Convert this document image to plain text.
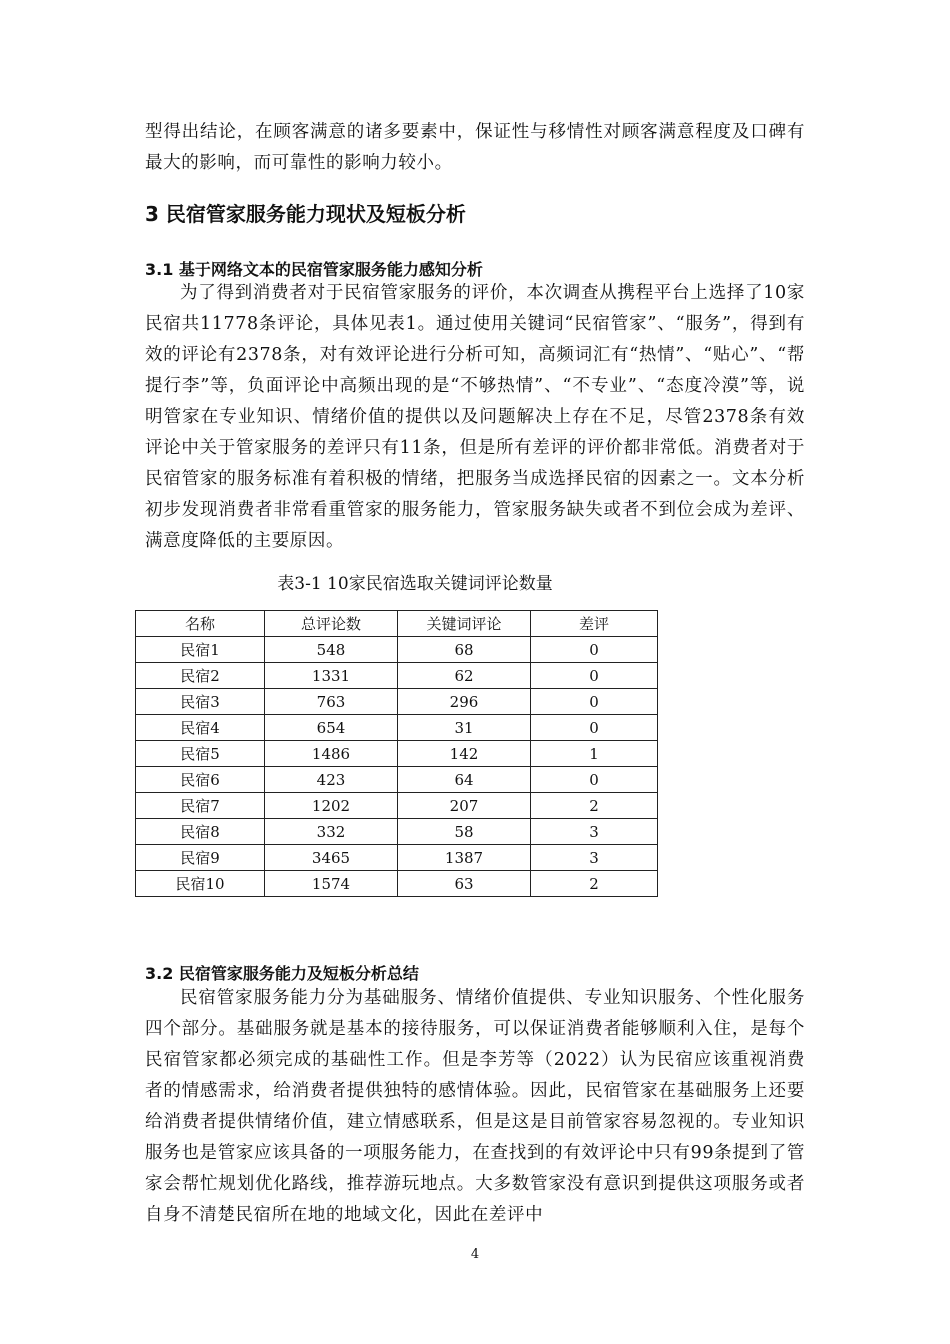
型得出结论，在顾客满意的诸多要素中，保证性与移情性对顾客满意程度及口碑有最大的影响，而可靠性的影响力较小。

3 民宿管家服务能力现状及短板分析
3.1 基于网络文本的民宿管家服务能力感知分析

为了得到消费者对于民宿管家服务的评价，本次调查从携程平台上选择了10家民宿共11778条评论，具体见表1。通过使用关键词“民宿管家”、“服务”，得到有效的评论有2378条，对有效评论进行分析可知，高频词汇有“热情”、“贴心”、“帮提行李”等，负面评论中高频出现的是“不够热情”、“不专业”、“态度冷漠”等，说明管家在专业知识、情绪价值的提供以及问题解决上存在不足，尽管2378条有效评论中关于管家服务的差评只有11条，但是所有差评的评价都非常低。消费者对于民宿管家的服务标准有着积极的情绪，把服务当成选择民宿的因素之一。文本分析初步发现消费者非常看重管家的服务能力，管家服务缺失或者不到位会成为差评、满意度降低的主要原因。

表3-1 10家民宿选取关键词评论数量

名称	总评论数	关键词评论	差评
民宿1	548	68	0
民宿2	1331	62	0
民宿3	763	296	0
民宿4	654	31	0
民宿5	1486	142	1
民宿6	423	64	0
民宿7	1202	207	2
民宿8	332	58	3
民宿9	3465	1387	3
民宿10	1574	63	2
3.2 民宿管家服务能力及短板分析总结

民宿管家服务能力分为基础服务、情绪价值提供、专业知识服务、个性化服务四个部分。基础服务就是基本的接待服务，可以保证消费者能够顺利入住，是每个民宿管家都必须完成的基础性工作。但是李芳等（2022）认为民宿应该重视消费者的情感需求，给消费者提供独特的感情体验。因此，民宿管家在基础服务上还要给消费者提供情绪价值，建立情感联系，但是这是目前管家容易忽视的。专业知识服务也是管家应该具备的一项服务能力，在查找到的有效评论中只有99条提到了管家会帮忙规划优化路线，推荐游玩地点。大多数管家没有意识到提供这项服务或者自身不清楚民宿所在地的地域文化，因此在差评中

4
